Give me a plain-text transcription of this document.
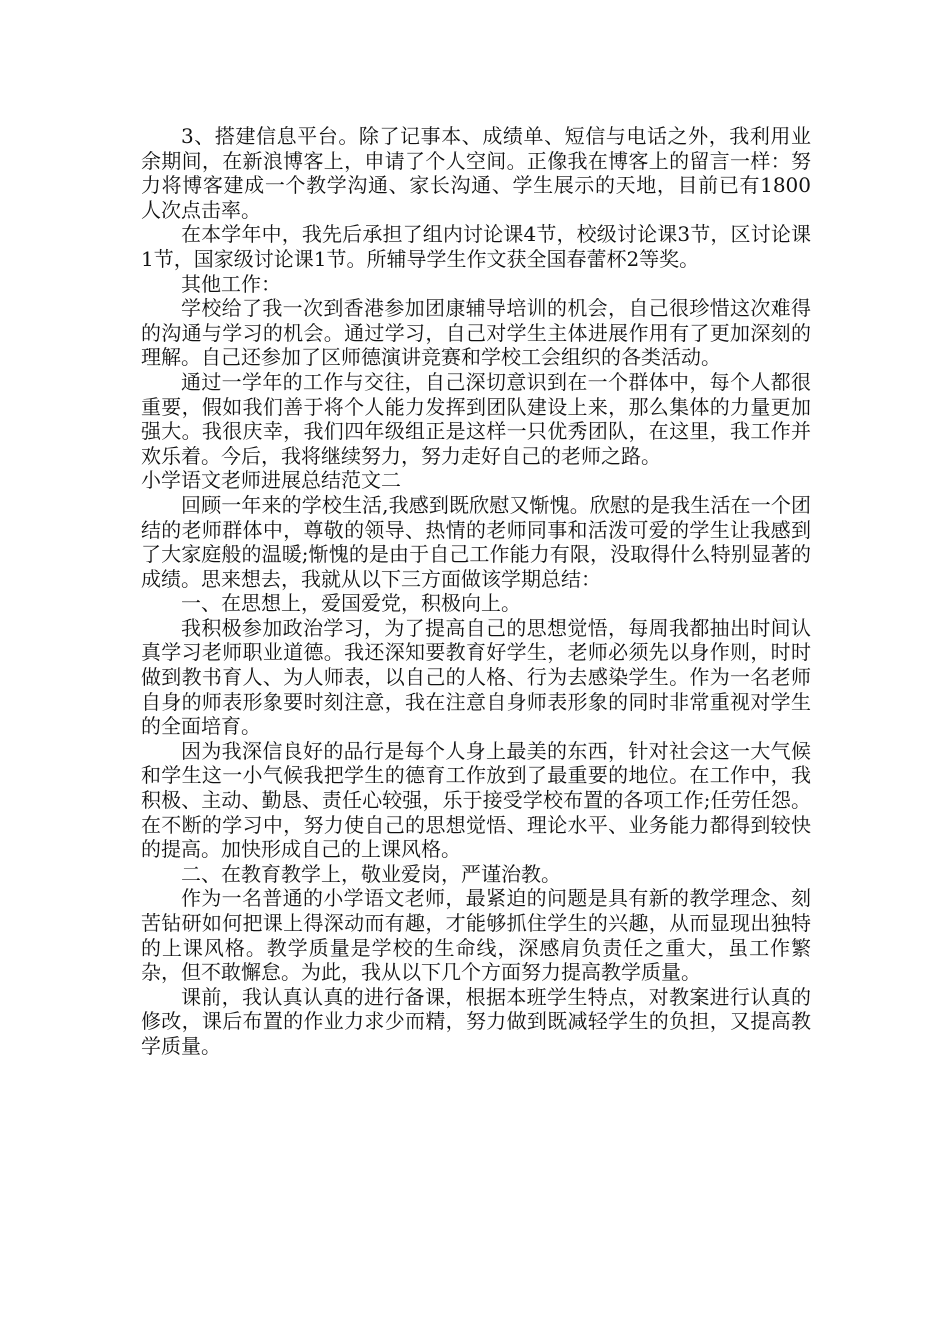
3、搭建信息平台。除了记事本、成绩单、短信与电话之外，我利用业余期间，在新浪博客上，申请了个人空间。正像我在博客上的留言一样：努力将博客建成一个教学沟通、家长沟通、学生展示的天地，目前已有1800人次点击率。

在本学年中，我先后承担了组内讨论课4节，校级讨论课3节，区讨论课1节，国家级讨论课1节。所辅导学生作文获全国春蕾杯2等奖。

其他工作：

学校给了我一次到香港参加团康辅导培训的机会，自己很珍惜这次难得的沟通与学习的机会。通过学习，自己对学生主体进展作用有了更加深刻的理解。自己还参加了区师德演讲竞赛和学校工会组织的各类活动。

通过一学年的工作与交往，自己深切意识到在一个群体中，每个人都很重要，假如我们善于将个人能力发挥到团队建设上来，那么集体的力量更加强大。我很庆幸，我们四年级组正是这样一只优秀团队，在这里，我工作并欢乐着。今后，我将继续努力，努力走好自己的老师之路。

小学语文老师进展总结范文二

回顾一年来的学校生活,我感到既欣慰又惭愧。欣慰的是我生活在一个团结的老师群体中，尊敬的领导、热情的老师同事和活泼可爱的学生让我感到了大家庭般的温暖;惭愧的是由于自己工作能力有限，没取得什么特别显著的成绩。思来想去，我就从以下三方面做该学期总结：

一、在思想上，爱国爱党，积极向上。

我积极参加政治学习，为了提高自己的思想觉悟，每周我都抽出时间认真学习老师职业道德。我还深知要教育好学生，老师必须先以身作则，时时做到教书育人、为人师表，以自己的人格、行为去感染学生。作为一名老师自身的师表形象要时刻注意，我在注意自身师表形象的同时非常重视对学生的全面培育。

因为我深信良好的品行是每个人身上最美的东西，针对社会这一大气候和学生这一小气候我把学生的德育工作放到了最重要的地位。在工作中，我积极、主动、勤恳、责任心较强，乐于接受学校布置的各项工作;任劳任怨。在不断的学习中，努力使自己的思想觉悟、理论水平、业务能力都得到较快的提高。加快形成自己的上课风格。

二、在教育教学上，敬业爱岗，严谨治教。

作为一名普通的小学语文老师，最紧迫的问题是具有新的教学理念、刻苦钻研如何把课上得深动而有趣，才能够抓住学生的兴趣，从而显现出独特的上课风格。教学质量是学校的生命线，深感肩负责任之重大，虽工作繁杂，但不敢懈怠。为此，我从以下几个方面努力提高教学质量。

课前，我认真认真的进行备课，根据本班学生特点，对教案进行认真的修改，课后布置的作业力求少而精，努力做到既减轻学生的负担，又提高教学质量。
